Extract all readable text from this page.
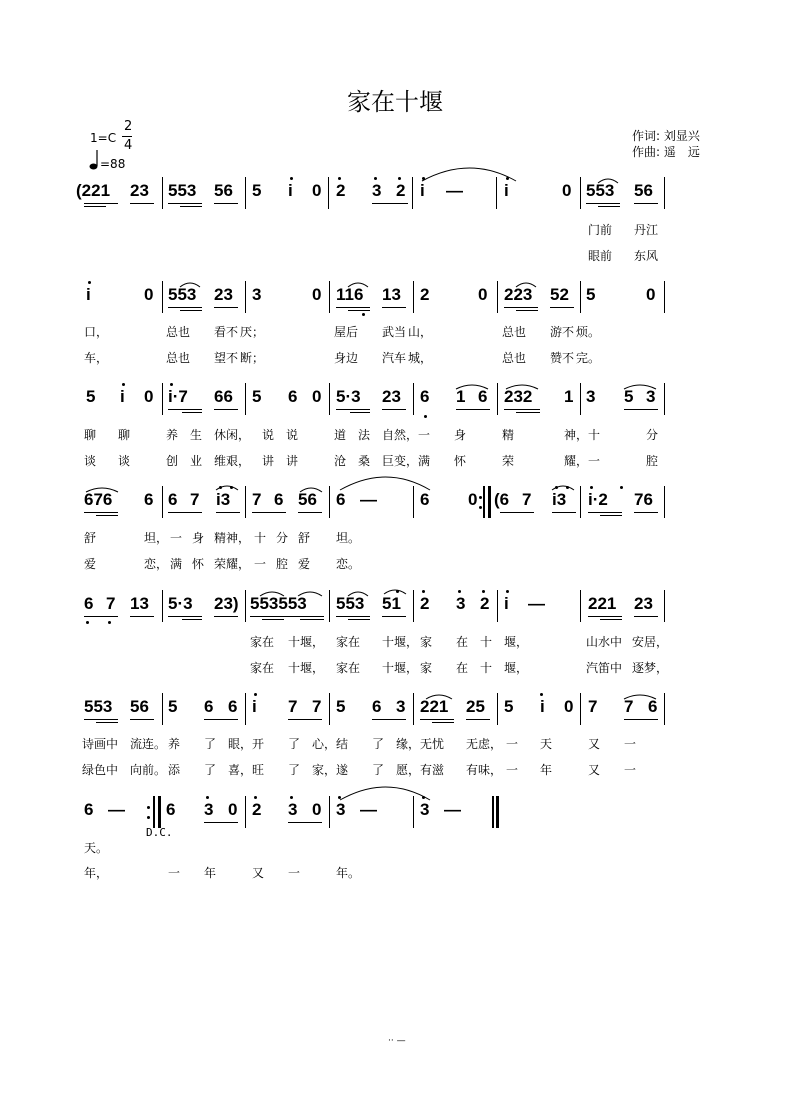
家在十堰
1=C
2
4
=88
作词: 刘显兴
作曲: 遥　远
(221 23 553 56 5 i 0 2 3 2 i — i	0 553 56
门前 丹江
眼前 东风
i	0 553 23 3	0 116 13 2	0 223 52 5	0
口，	总也 看不 厌；	屋后 武当 山，	总也 游不 烦。
车，	总也 望不 断；	身边 汽车 城，	总也 赞不 完。
5 i 0 i·7 66 5 6 0 5·3 23 6 1 6 232 1 3 5 3
聊 聊	养 生 休闲， 说 说	道 法 自然， 一 身	精	神， 十	分
谈 谈	创 业 维艰， 讲 讲	沧 桑 巨变， 满 怀	荣	耀， 一	腔
676 6 6 7 i3 7 6 56 6 —	6 0 (6 7 i3 i·2 76
舒	坦， 一 身 精神， 十 分 舒 坦。
爱	恋， 满 怀 荣耀， 一 腔 爱 恋。
6 7 13 5·3 23) 553553 553 51 2 3 2 i —	221 23
家在 十堰， 家在 十堰， 家 在 十 堰，	山水中 安居，
家在 十堰， 家在 十堰， 家 在 十 堰，	汽笛中 逐梦，
553 56 5 6 6 i 7 7 5 6 3 221 25 5 i 0 7 7 6
诗画中 流连。 养 了 眼， 开 了 心， 结 了 缘， 无忧 无虑， 一 天	又 一
绿色中 向前。 添 了 喜， 旺 了 家， 遂 了 愿， 有滋 有味， 一 年	又 一
6 — 6 3 0 2 3 0 3 —	3 —
D.C.
天。
年，	一 年	又 一	年。
·· —
